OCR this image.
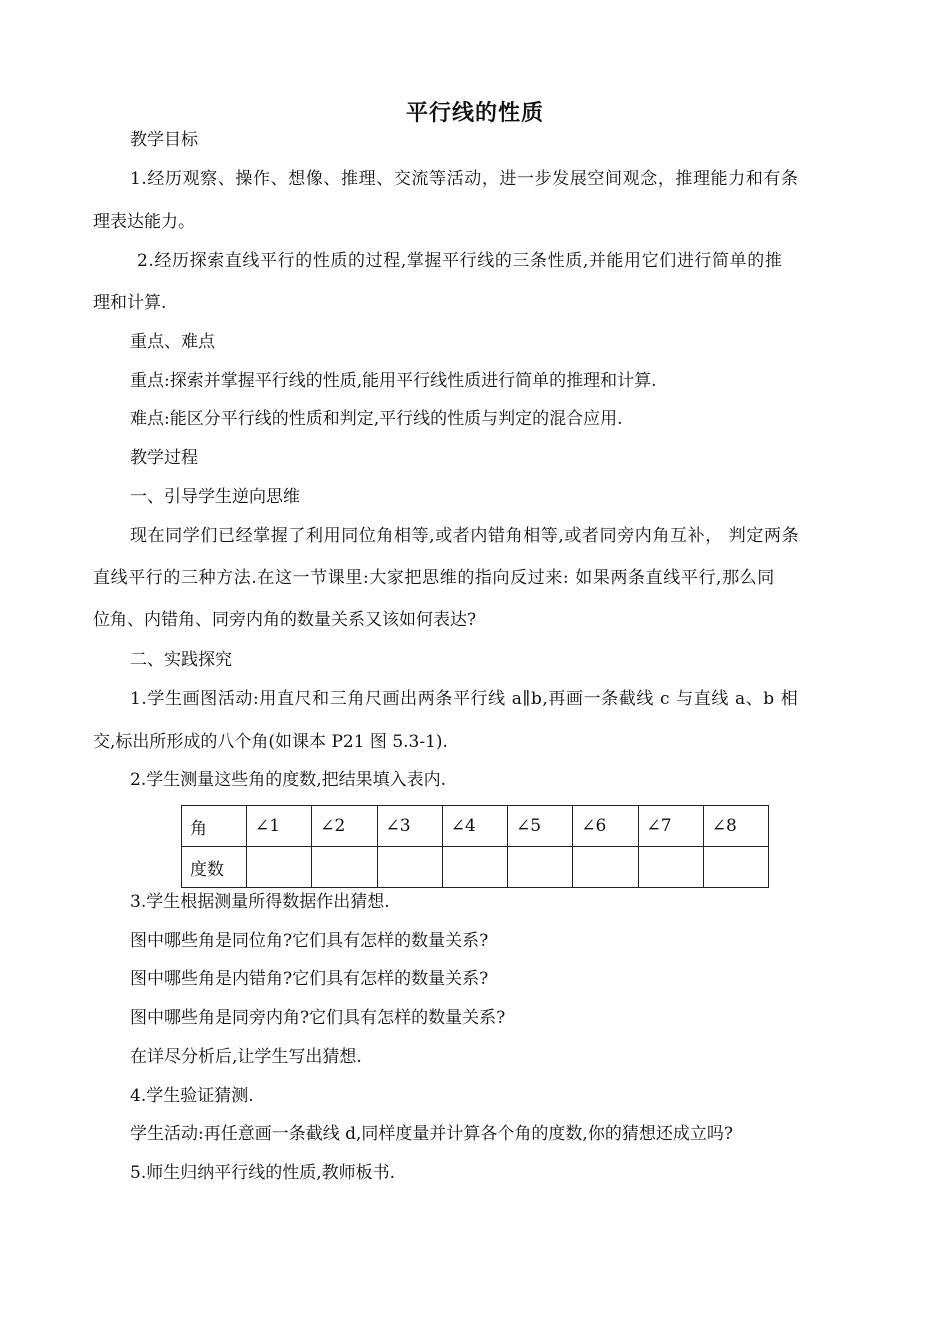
平行线的性质
教学目标
1.经历观察、操作、想像、推理、交流等活动，进一步发展空间观念，推理能力和有条
理表达能力。
2.经历探索直线平行的性质的过程,掌握平行线的三条性质,并能用它们进行简单的推
理和计算.
重点、难点
重点:探索并掌握平行线的性质,能用平行线性质进行简单的推理和计算.
难点:能区分平行线的性质和判定,平行线的性质与判定的混合应用.
教学过程
一、引导学生逆向思维
现在同学们已经掌握了利用同位角相等,或者内错角相等,或者同旁内角互补， 判定两条
直线平行的三种方法.在这一节课里:大家把思维的指向反过来: 如果两条直线平行,那么同
位角、内错角、同旁内角的数量关系又该如何表达?
二、实践探究
1.学生画图活动:用直尺和三角尺画出两条平行线 a∥b,再画一条截线 c 与直线 a、b 相
交,标出所形成的八个角(如课本 P21 图 5.3-1).
2.学生测量这些角的度数,把结果填入表内.
角	∠1	∠2	∠3	∠4	∠5	∠6	∠7	∠8
度数								
3.学生根据测量所得数据作出猜想.
图中哪些角是同位角?它们具有怎样的数量关系?
图中哪些角是内错角?它们具有怎样的数量关系?
图中哪些角是同旁内角?它们具有怎样的数量关系?
在详尽分析后,让学生写出猜想.
4.学生验证猜测.
学生活动:再任意画一条截线 d,同样度量并计算各个角的度数,你的猜想还成立吗?
5.师生归纳平行线的性质,教师板书.
